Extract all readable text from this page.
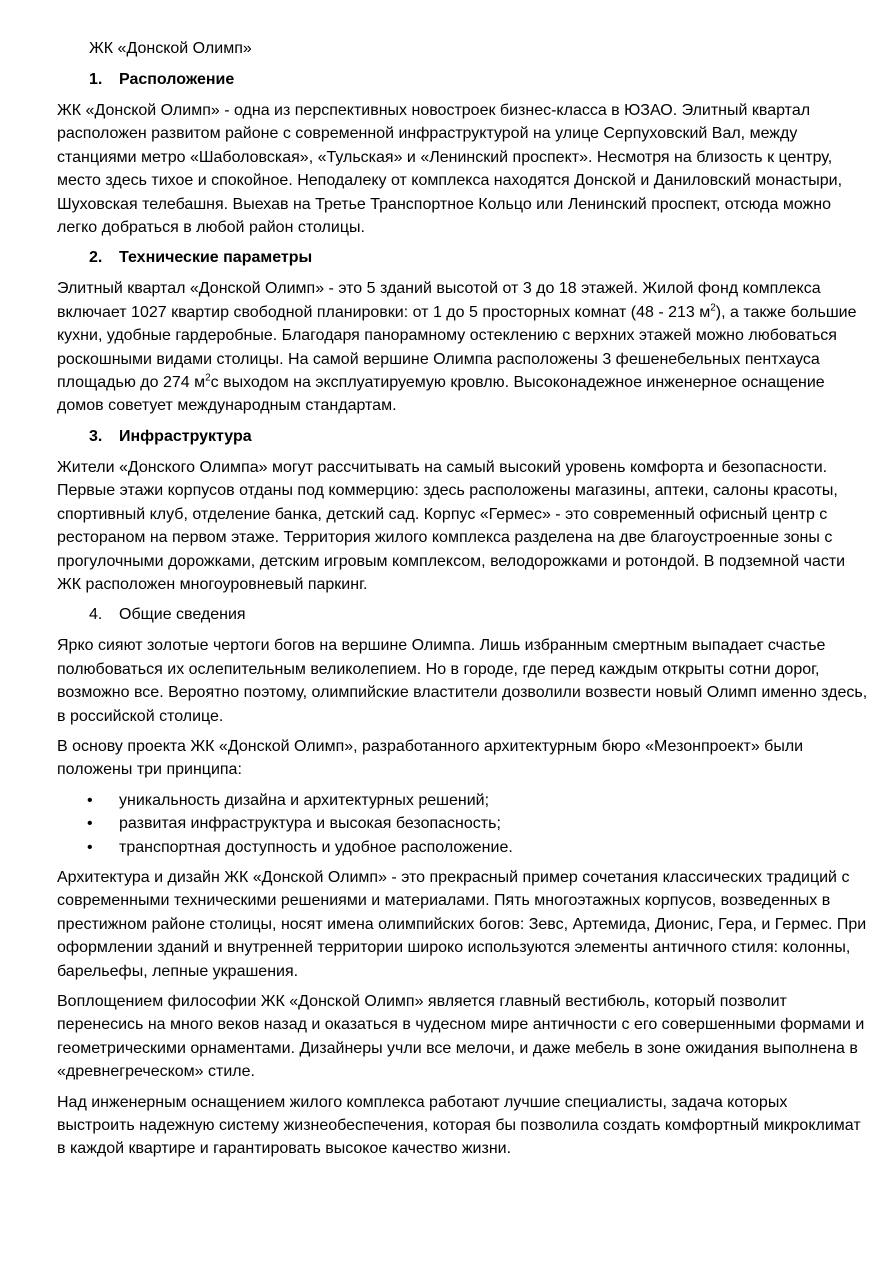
ЖК «Донской Олимп»
1.	Расположение

ЖК «Донской Олимп» - одна из перспективных новостроек бизнес-класса в ЮЗАО. Элитный квартал расположен развитом районе с современной инфраструктурой на улице Серпуховский Вал, между станциями метро «Шаболовская», «Тульская» и «Ленинский проспект». Несмотря на близость к центру, место здесь тихое и спокойное. Неподалеку от комплекса находятся Донской и Даниловский монастыри, Шуховская телебашня. Выехав на Третье Транспортное Кольцо или Ленинский проспект, отсюда можно легко добраться в любой район столицы.

2.	Технические параметры

Элитный квартал «Донской Олимп» - это 5 зданий высотой от 3 до 18 этажей. Жилой фонд комплекса включает 1027 квартир свободной планировки: от 1 до 5 просторных комнат (48 - 213 $м^2$), а также большие кухни, удобные гардеробные. Благодаря панорамному остеклению с верхних этажей можно любоваться роскошными видами столицы. На самой вершине Олимпа расположены 3 фешенебельных пентхауса площадью до 274 $м^2с$ выходом на эксплуатируемую кровлю. Высоконадежное инженерное оснащение домов советует международным стандартам.

3.	Инфраструктура

Жители «Донского Олимпа» могут рассчитывать на самый высокий уровень комфорта и безопасности. Первые этажи корпусов отданы под коммерцию: здесь расположены магазины, аптеки, салоны красоты, спортивный клуб, отделение банка, детский сад. Корпус «Гермес» - это современный офисный центр с рестораном на первом этаже. Территория жилого комплекса разделена на две благоустроенные зоны с прогулочными дорожками, детским игровым комплексом, велодорожками и ротондой. В подземной части ЖК расположен многоуровневый паркинг.

4.	Общие сведения

Ярко сияют золотые чертоги богов на вершине Олимпа. Лишь избранным смертным выпадает счастье полюбоваться их ослепительным великолепием. Но в городе, где перед каждым открыты сотни дорог, возможно все. Вероятно поэтому, олимпийские властители дозволили возвести новый Олимп именно здесь, в российской столице.

В основу проекта ЖК «Донской Олимп», разработанного архитектурным бюро «Мезонпроект» были положены три принципа:

•	уникальность дизайна и архитектурных решений;
•	развитая инфраструктура и высокая безопасность;
•	транспортная доступность и удобное расположение.

Архитектура и дизайн ЖК «Донской Олимп» - это прекрасный пример сочетания классических традиций с современными техническими решениями и материалами. Пять многоэтажных корпусов, возведенных в престижном районе столицы, носят имена олимпийских богов: Зевс, Артемида, Дионис, Гера, и Гермес. При оформлении зданий и внутренней территории широко используются элементы античного стиля: колонны, барельефы, лепные украшения.

Воплощением философии ЖК «Донской Олимп» является главный вестибюль, который позволит перенесись на много веков назад и оказаться в чудесном мире античности с его совершенными формами и геометрическими орнаментами. Дизайнеры учли все мелочи, и даже мебель в зоне ожидания выполнена в «древнегреческом» стиле.

Над инженерным оснащением жилого комплекса работают лучшие специалисты, задача которых выстроить надежную систему жизнеобеспечения, которая бы позволила создать комфортный микроклимат в каждой квартире и гарантировать высокое качество жизни.
